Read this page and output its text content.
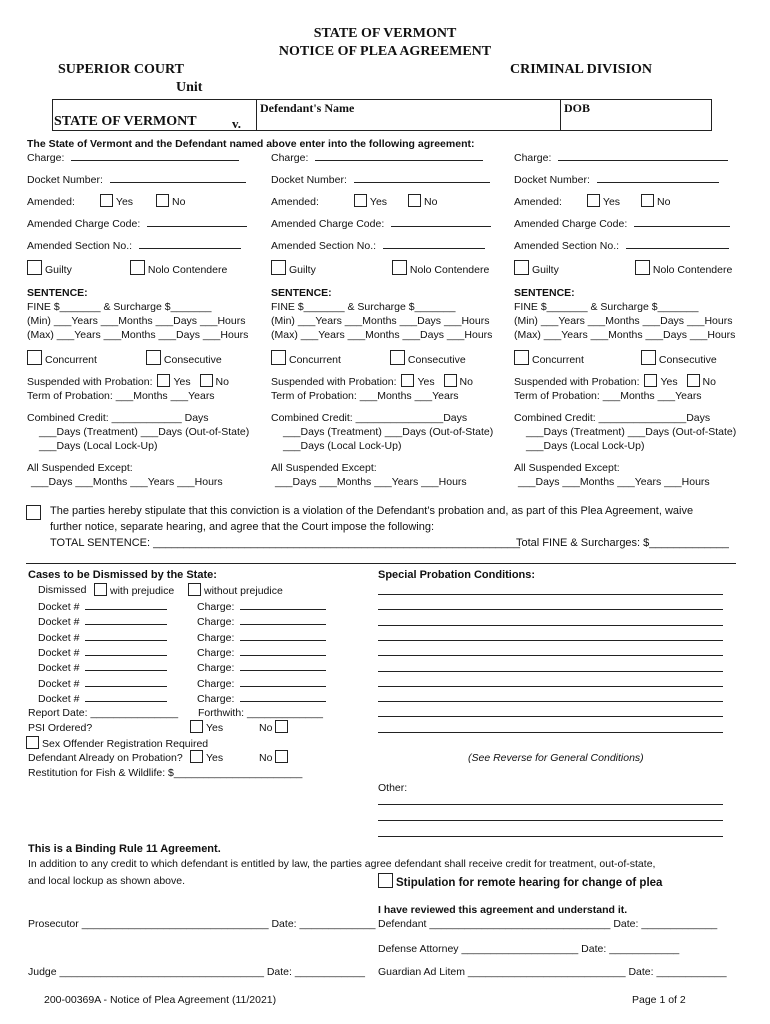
STATE OF VERMONT
NOTICE OF PLEA AGREEMENT
SUPERIOR COURT
Unit
CRIMINAL DIVISION
STATE OF VERMONT	v.
Defendant's Name	DOB
The State of Vermont and the Defendant named above enter into the following agreement:
Charge:
Docket Number:
Amended:	Yes	No
Amended Charge Code:
Amended Section No.:
Guilty	Nolo Contendere
SENTENCE:
FINE $_______ & Surcharge $_______
(Min) ___Years ___Months ___Days ___Hours
(Max) ___Years ___Months ___Days ___Hours
Concurrent	Consecutive
Suspended with Probation: Yes No
Term of Probation: ___Months ___Years
Combined Credit: ____________ Days
___Days (Treatment) ___Days (Out-of-State)
___Days (Local Lock-Up)
All Suspended Except:
___Days ___Months ___Years ___Hours
Charge:
Docket Number:
Amended:	Yes	No
Amended Charge Code:
Amended Section No.:
Guilty	Nolo Contendere
SENTENCE:
FINE $_______ & Surcharge $_______
(Min) ___Years ___Months ___Days ___Hours
(Max) ___Years ___Months ___Days ___Hours
Concurrent	Consecutive
Suspended with Probation: Yes No
Term of Probation: ___Months ___Years
Combined Credit: _______________Days
___Days (Treatment) ___Days (Out-of-State)
___Days (Local Lock-Up)
All Suspended Except:
___Days ___Months ___Years ___Hours
Charge:
Docket Number:
Amended:	Yes	No
Amended Charge Code:
Amended Section No.:
Guilty	Nolo Contendere
SENTENCE:
FINE $_______ & Surcharge $_______
(Min) ___Years ___Months ___Days ___Hours
(Max) ___Years ___Months ___Days ___Hours
Concurrent	Consecutive
Suspended with Probation: Yes No
Term of Probation: ___Months ___Years
Combined Credit: _______________Days
___Days (Treatment) ___Days (Out-of-State)
___Days (Local Lock-Up)
All Suspended Except:
___Days ___Months ___Years ___Hours
The parties hereby stipulate that this conviction is a violation of the Defendant’s probation and, as part of this Plea Agreement, waive
further notice, separate hearing, and agree that the Court impose the following:
TOTAL SENTENCE: ____________________________________________________________
Total FINE & Surcharges: $_____________
Cases to be Dismissed by the State:
Dismissed	with prejudice	without prejudice
Docket #	Charge:
Docket #	Charge:
Docket #	Charge:
Docket #	Charge:
Docket #	Charge:
Docket #	Charge:
Docket #	Charge:
Report Date: _______________ Forthwith: _____________
PSI Ordered?	Yes	No
Sex Offender Registration Required
Defendant Already on Probation?	Yes	No
Restitution for Fish & Wildlife: $______________________
Special Probation Conditions:
(See Reverse for General Conditions)
Other:
This is a Binding Rule 11 Agreement.
In addition to any credit to which defendant is entitled by law, the parties agree defendant shall receive credit for treatment, out-of-state,
and local lockup as shown above.	Stipulation for remote hearing for change of plea
I have reviewed this agreement and understand it.
Prosecutor ________________________________ Date: _____________ Defendant _______________________________ Date: _____________
Defense Attorney ____________________ Date: ____________
Judge ___________________________________ Date: ____________ Guardian Ad Litem ___________________________ Date: ____________
200-00369A - Notice of Plea Agreement (11/2021)	Page 1 of 2
